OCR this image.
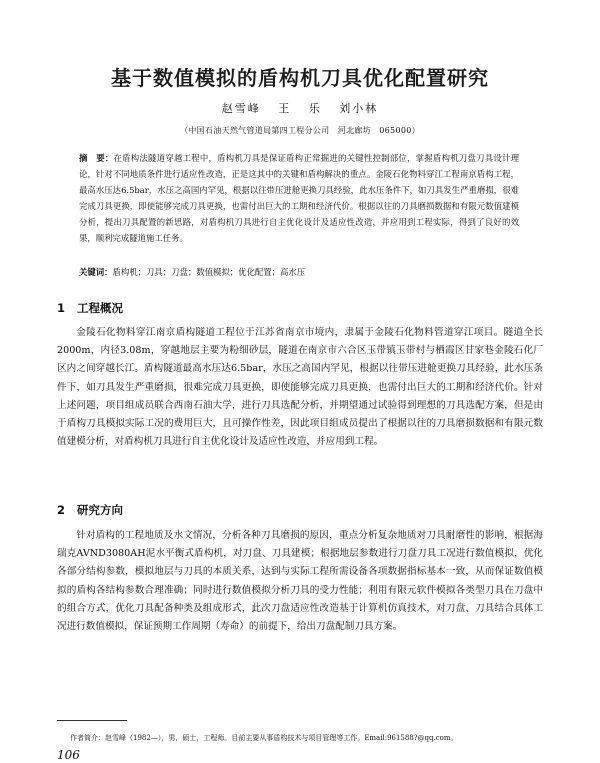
基于数值模拟的盾构机刀具优化配置研究
赵雪峰 王 乐 刘小林
（中国石油天然气管道局第四工程分公司　河北廊坊　065000）
摘　要：在盾构法隧道穿越工程中，盾构机刀具是保证盾构正常掘进的关键性控制部位，掌握盾构机刀盘刀具设计理论，针对不同地质条件进行适应性改造，正是这其中的关键和盾构解决的重点。金陵石化物料穿江工程南京盾构工程，最高水压达6.5bar，水压之高国内罕见，根据以往带压进舱更换刀具经验，此水压条件下，如刀具发生严重磨损，很难完成刀具更换，即使能够完成刀具更换，也需付出巨大的工期和经济代价。根据以往的刀具磨损数据和有限元数值建模分析，提出刀具配置的新思路，对盾构机刀具进行自主优化设计及适应性改造，并应用到工程实际，得到了良好的效果，顺利完成隧道施工任务。
关键词：盾构机；刀具；刀盘；数值模拟；优化配置；高水压
1 工程概况
金陵石化物料穿江南京盾构隧道工程位于江苏省南京市境内，隶属于金陵石化物料管道穿江项目。隧道全长2000m，内径3.08m，穿越地层主要为粉细砂层，隧道在南京市六合区玉带镇玉带村与栖霞区甘家巷金陵石化厂区内之间穿越长江。盾构隧道最高水压达6.5bar，水压之高国内罕见，根据以往带压进舱更换刀具经验，此水压条件下，如刀具发生严重磨损，很难完成刀具更换，即使能够完成刀具更换，也需付出巨大的工期和经济代价。针对上述问题，项目组成员联合西南石油大学，进行刀具选配分析，并期望通过试验得到理想的刀具选配方案，但是由于盾构刀具模拟实际工况的费用巨大，且可操作性差，因此项目组成员提出了根据以往的刀具磨损数据和有限元数值建模分析，对盾构机刀具进行自主优化设计及适应性改造，并应用到工程。
2 研究方向
针对盾构的工程地质及水文情况，分析各种刀具磨损的原因，重点分析复杂地质对刀具耐磨性的影响，根据海瑞克AVND3080AH泥水平衡式盾构机，对刀盘、刀具建模；根据地层参数进行刀盘刀具工况进行数值模拟，优化各部分结构参数，模拟地层与刀具的本质关系，达到与实际工程所需设备各项数据指标基本一致，从而保证数值模拟的盾构各结构参数合理准确；同时进行数值模拟分析刀具的受力性能；利用有限元软件模拟各类型刀具在刀盘中的组合方式，优化刀具配备种类及组成形式，此次刀盘适应性改造基于计算机仿真技术，对刀盘、刀具结合具体工况进行数值模拟，保证预期工作周期（寿命）的前提下，给出刀盘配制刀具方案。
作者简介：赵雪峰（1982—），男，硕士，工程师。目前主要从事盾构技术与项目管理等工作。Email:961588?@qq.com。
106
